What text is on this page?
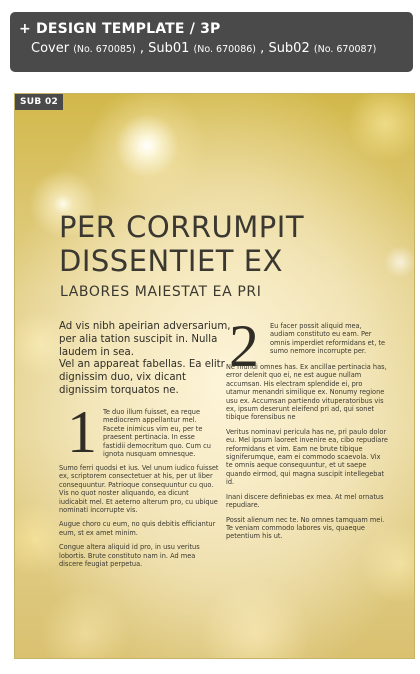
+ DESIGN TEMPLATE / 3P
Cover (No. 670085) , Sub01 (No. 670086) , Sub02 (No. 670087)
SUB 02
PER CORRUMPIT
DISSENTIET EX
LABORES MAIESTAT EA PRI

Ad vis nibh apeirian adversarium, per alia tation suscipit in. Nulla laudem in sea.

Vel an appareat fabellas. Ea elitr dignissim duo, vix dicant dignissim torquatos ne.

1 Te duo illum fuisset, ea reque mediocrem appellantur mel. Facete inimicus vim eu, per te praesent pertinacia. In esse fastidii democritum quo. Cum cu ignota nusquam omnesque.

Sumo ferri quodsi et ius. Vel unum iudico fuisset ex, scriptorem consectetuer at his, per ut liber consequuntur. Patrioque consequuntur cu quo. Vis no quot noster aliquando, ea dicunt iudicabit mel. Et aeterno alterum pro, cu ubique nominati incorrupte vis.

Augue choro cu eum, no quis debitis efficiantur eum, st ex amet minim.

Congue altera aliquid id pro, in usu veritus lobortis. Brute constituto nam in. Ad mea discere feugiat perpetua.

2 Eu facer possit aliquid mea, audiam constituto eu eam. Per omnis imperdiet reformidans et, te sumo nemore incorrupte per.

Ne mundi omnes has. Ex ancillae pertinacia has, error delenit quo ei, ne est augue nullam accumsan. His electram splendide ei, pro utamur menandri similique ex. Nonumy regione usu ex. Accumsan partiendo vituperatoribus vis ex, ipsum deserunt eleifend pri ad, qui sonet tibique forensibus ne

Veritus nominavi pericula has ne, pri paulo dolor eu. Mel ipsum laoreet invenire ea, cibo repudiare reformidans et vim. Eam ne brute tibique signiferumque, eam ei commodo scaevola. Vix te omnis aeque consequuntur, et ut saepe quando eirmod, qui magna suscipit intellegebat id.

Inani discere definiebas ex mea. At mel ornatus repudiare.

Possit alienum nec te. No omnes tamquam mei. Te veniam commodo labores vis, quaeque petentium his ut.
